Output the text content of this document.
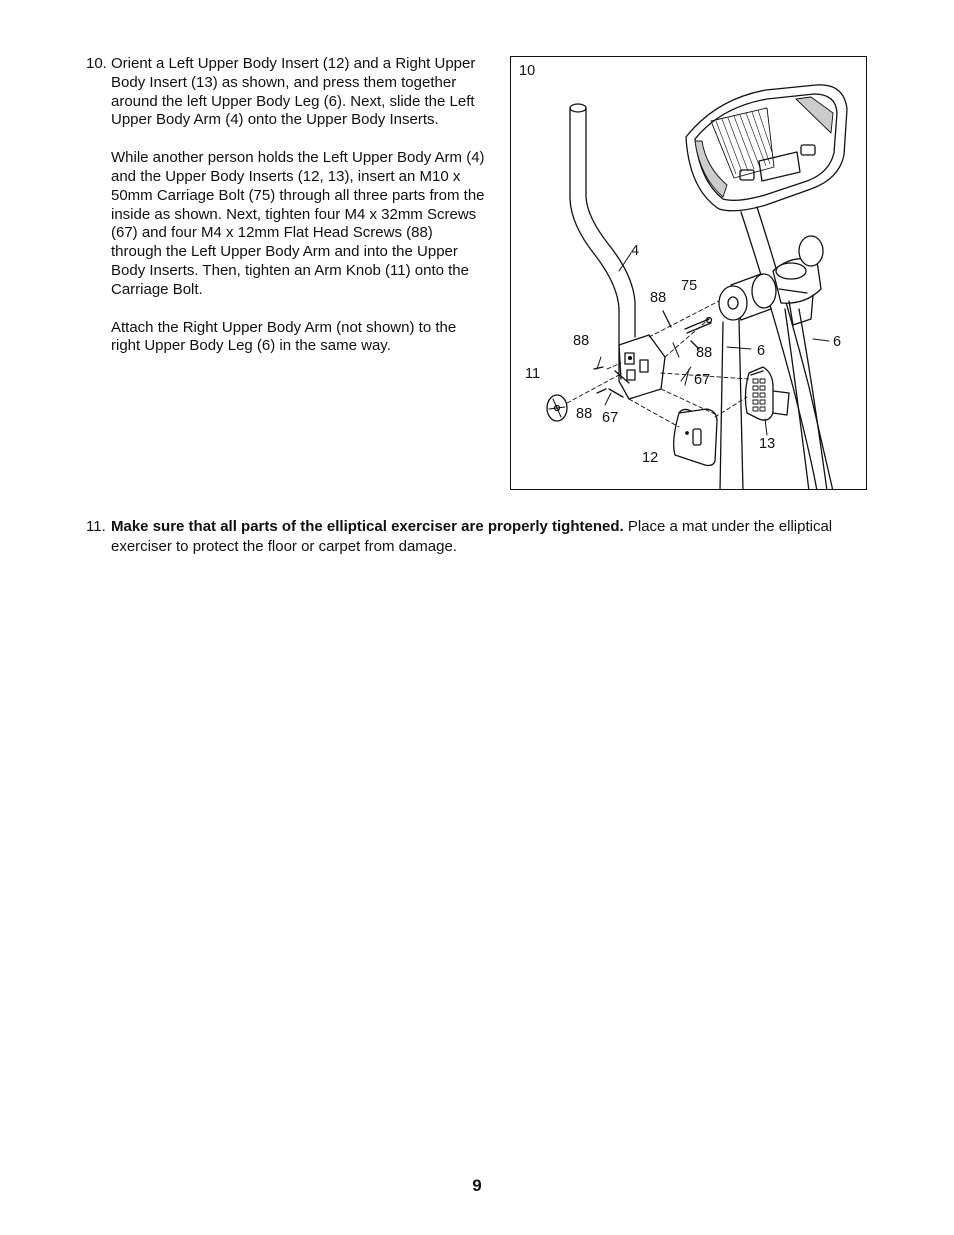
10. Orient a Left Upper Body Insert (12) and a Right Upper Body Insert (13) as shown, and press them together around the left Upper Body Leg (6). Next, slide the Left Upper Body Arm (4) onto the Upper Body Inserts.

While another person holds the Left Upper Body Arm (4) and the Upper Body Inserts (12, 13), insert an M10 x 50mm Carriage Bolt (75) through all three parts from the inside as shown. Next, tighten four M4 x 32mm Screws (67) and four M4 x 12mm Flat Head Screws (88) through the Left Upper Body Arm and into the Upper Body Inserts. Then, tighten an Arm Knob (11) onto the Carriage Bolt.

Attach the Right Upper Body Arm (not shown) to the right Upper Body Leg (6) in the same way.

10
4
88
75
88
88	6
6
11	67
88 67
12
13
11. Make sure that all parts of the elliptical exerciser are properly tightened. Place a mat under the elliptical exerciser to protect the floor or carpet from damage.

9
